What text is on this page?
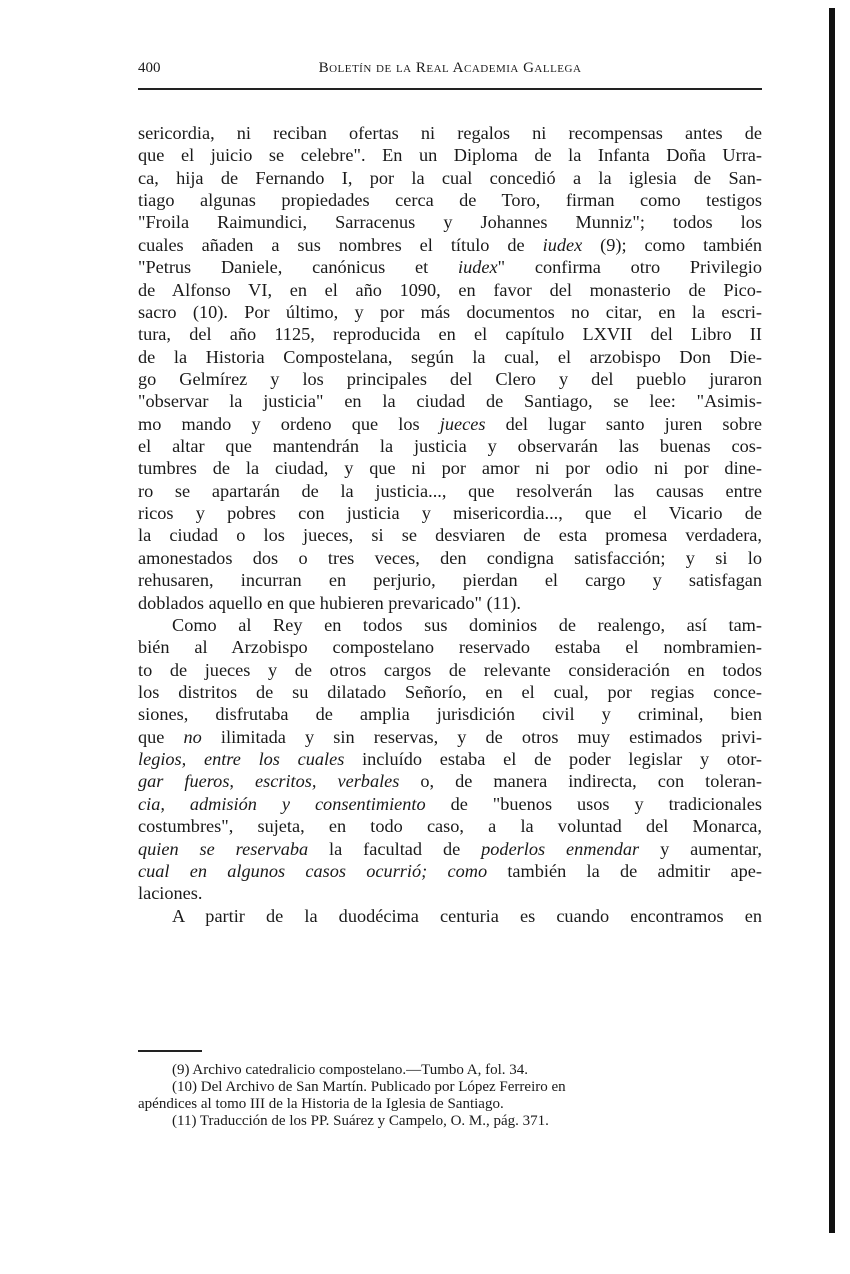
400	Boletín de la Real Academia Gallega
sericordia, ni reciban ofertas ni regalos ni recompensas antes de
que el juicio se celebre". En un Diploma de la Infanta Doña Urra-
ca, hija de Fernando I, por la cual concedió a la iglesia de San-
tiago algunas propiedades cerca de Toro, firman como testigos
"Froila Raimundici, Sarracenus y Johannes Munniz"; todos los
cuales añaden a sus nombres el título de iudex (9); como también
"Petrus Daniele, canónicus et iudex" confirma otro Privilegio
de Alfonso VI, en el año 1090, en favor del monasterio de Pico-
sacro (10). Por último, y por más documentos no citar, en la escri-
tura, del año 1125, reproducida en el capítulo LXVII del Libro II
de la Historia Compostelana, según la cual, el arzobispo Don Die-
go Gelmírez y los principales del Clero y del pueblo juraron
"observar la justicia" en la ciudad de Santiago, se lee: "Asimis-
mo mando y ordeno que los jueces del lugar santo juren sobre
el altar que mantendrán la justicia y observarán las buenas cos-
tumbres de la ciudad, y que ni por amor ni por odio ni por dine-
ro se apartarán de la justicia..., que resolverán las causas entre
ricos y pobres con justicia y misericordia..., que el Vicario de
la ciudad o los jueces, si se desviaren de esta promesa verdadera,
amonestados dos o tres veces, den condigna satisfacción; y si lo
rehusaren, incurran en perjurio, pierdan el cargo y satisfagan
doblados aquello en que hubieren prevaricado" (11).
Como al Rey en todos sus dominios de realengo, así tam-
bién al Arzobispo compostelano reservado estaba el nombramien-
to de jueces y de otros cargos de relevante consideración en todos
los distritos de su dilatado Señorío, en el cual, por regias conce-
siones, disfrutaba de amplia jurisdición civil y criminal, bien
que no ilimitada y sin reservas, y de otros muy estimados privi-
legios, entre los cuales incluído estaba el de poder legislar y otor-
gar fueros, escritos, verbales o, de manera indirecta, con toleran-
cia, admisión y consentimiento de "buenos usos y tradicionales
costumbres", sujeta, en todo caso, a la voluntad del Monarca,
quien se reservaba la facultad de poderlos enmendar y aumentar,
cual en algunos casos ocurrió; como también la de admitir ape-
laciones.
A partir de la duodécima centuria es cuando encontramos en
(9) Archivo catedralicio compostelano.—Tumbo A, fol. 34.
(10) Del Archivo de San Martín. Publicado por López Ferreiro en
apéndices al tomo III de la Historia de la Iglesia de Santiago.
(11) Traducción de los PP. Suárez y Campelo, O. M., pág. 371.
